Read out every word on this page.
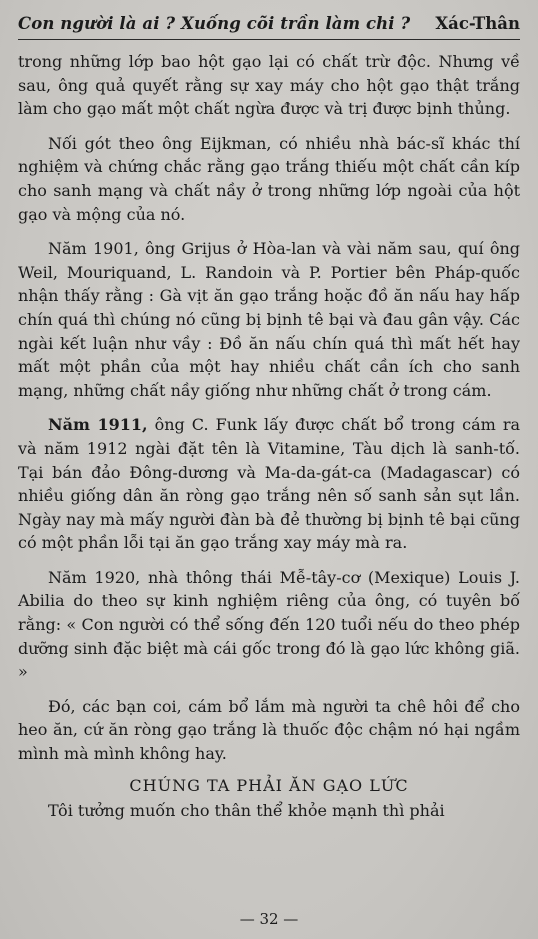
Con người là ai ? Xuống cõi trần làm chi ? Xác-Thân

trong những lớp bao hột gạo lại có chất trừ độc. Nhưng về sau, ông quả quyết rằng sự xay máy cho hột gạo thật trắng làm cho gạo mất một chất ngừa được và trị được bịnh thủng.

Nối gót theo ông Eijkman, có nhiều nhà bác-sĩ khác thí nghiệm và chứng chắc rằng gạo trắng thiếu một chất cần kíp cho sanh mạng và chất nầy ở trong những lớp ngoài của hột gạo và mộng của nó.

Năm 1901, ông Grijus ở Hòa-lan và vài năm sau, quí ông Weil, Mouriquand, L. Randoin và P. Portier bên Pháp-quốc nhận thấy rằng : Gà vịt ăn gạo trắng hoặc đồ ăn nấu hay hấp chín quá thì chúng nó cũng bị bịnh tê bại và đau gân vậy. Các ngài kết luận như vầy : Đồ ăn nấu chín quá thì mất hết hay mất một phần của một hay nhiều chất cần ích cho sanh mạng, những chất nầy giống như những chất ở trong cám.

Năm 1911, ông C. Funk lấy được chất bổ trong cám ra và năm 1912 ngài đặt tên là Vitamine, Tàu dịch là sanh-tố. Tại bán đảo Đông-dương và Ma-da-gát-ca (Madagascar) có nhiều giống dân ăn ròng gạo trắng nên số sanh sản sụt lần. Ngày nay mà mấy người đàn bà đẻ thường bị bịnh tê bại cũng có một phần lỗi tại ăn gạo trắng xay máy mà ra.

Năm 1920, nhà thông thái Mễ-tây-cơ (Mexique) Louis J. Abilia do theo sự kinh nghiệm riêng của ông, có tuyên bố rằng: « Con người có thể sống đến 120 tuổi nếu do theo phép dưỡng sinh đặc biệt mà cái gốc trong đó là gạo lức không giã. »

Đó, các bạn coi, cám bổ lắm mà người ta chê hôi để cho heo ăn, cứ ăn ròng gạo trắng là thuốc độc chậm nó hại ngầm mình mà mình không hay.

CHÚNG TA PHẢI ĂN GẠO LỨC

Tôi tưởng muốn cho thân thể khỏe mạnh thì phải

— 32 —
